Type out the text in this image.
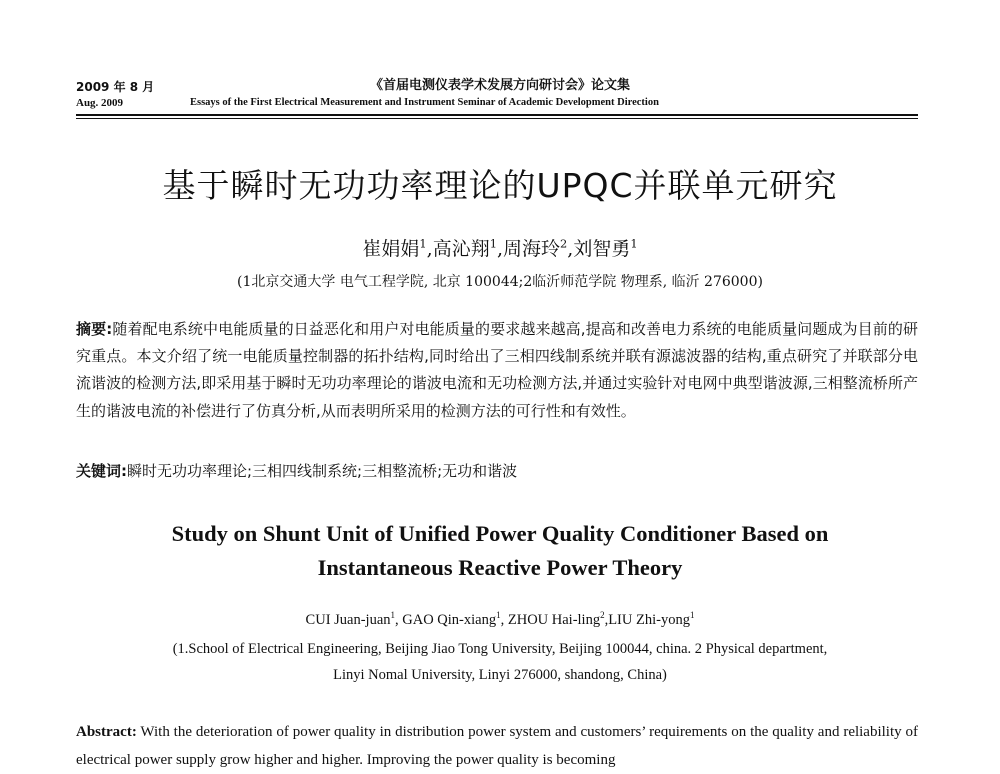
2009 年 8 月
Aug. 2009
《首届电测仪表学术发展方向研讨会》论文集
Essays of the First Electrical Measurement and Instrument Seminar of Academic Development Direction
基于瞬时无功功率理论的UPQC并联单元研究
崔娟娟$^1$,高沁翔$^1$,周海玲$^2$,刘智勇$^1$
(1北京交通大学 电气工程学院, 北京 100044;2临沂师范学院 物理系, 临沂 276000)
摘要:随着配电系统中电能质量的日益恶化和用户对电能质量的要求越来越高,提高和改善电力系统的电能质量问题成为目前的研究重点。本文介绍了统一电能质量控制器的拓扑结构,同时给出了三相四线制系统并联有源滤波器的结构,重点研究了并联部分电流谐波的检测方法,即采用基于瞬时无功功率理论的谐波电流和无功检测方法,并通过实验针对电网中典型谐波源,三相整流桥所产生的谐波电流的补偿进行了仿真分析,从而表明所采用的检测方法的可行性和有效性。
关键词:瞬时无功功率理论;三相四线制系统;三相整流桥;无功和谐波
Study on Shunt Unit of Unified Power Quality Conditioner Based on
Instantaneous Reactive Power Theory
CUI Juan-juan$^1$, GAO Qin-xiang$^1$, ZHOU Hai-ling$^2$,LIU Zhi-yong$^1$
(1.School of Electrical Engineering, Beijing Jiao Tong University, Beijing 100044, china. 2 Physical department,
Linyi Nomal University, Linyi 276000, shandong, China)
Abstract: With the deterioration of power quality in distribution power system and customers’ requirements on the quality and reliability of electrical power supply grow higher and higher. Improving the power quality is becoming
